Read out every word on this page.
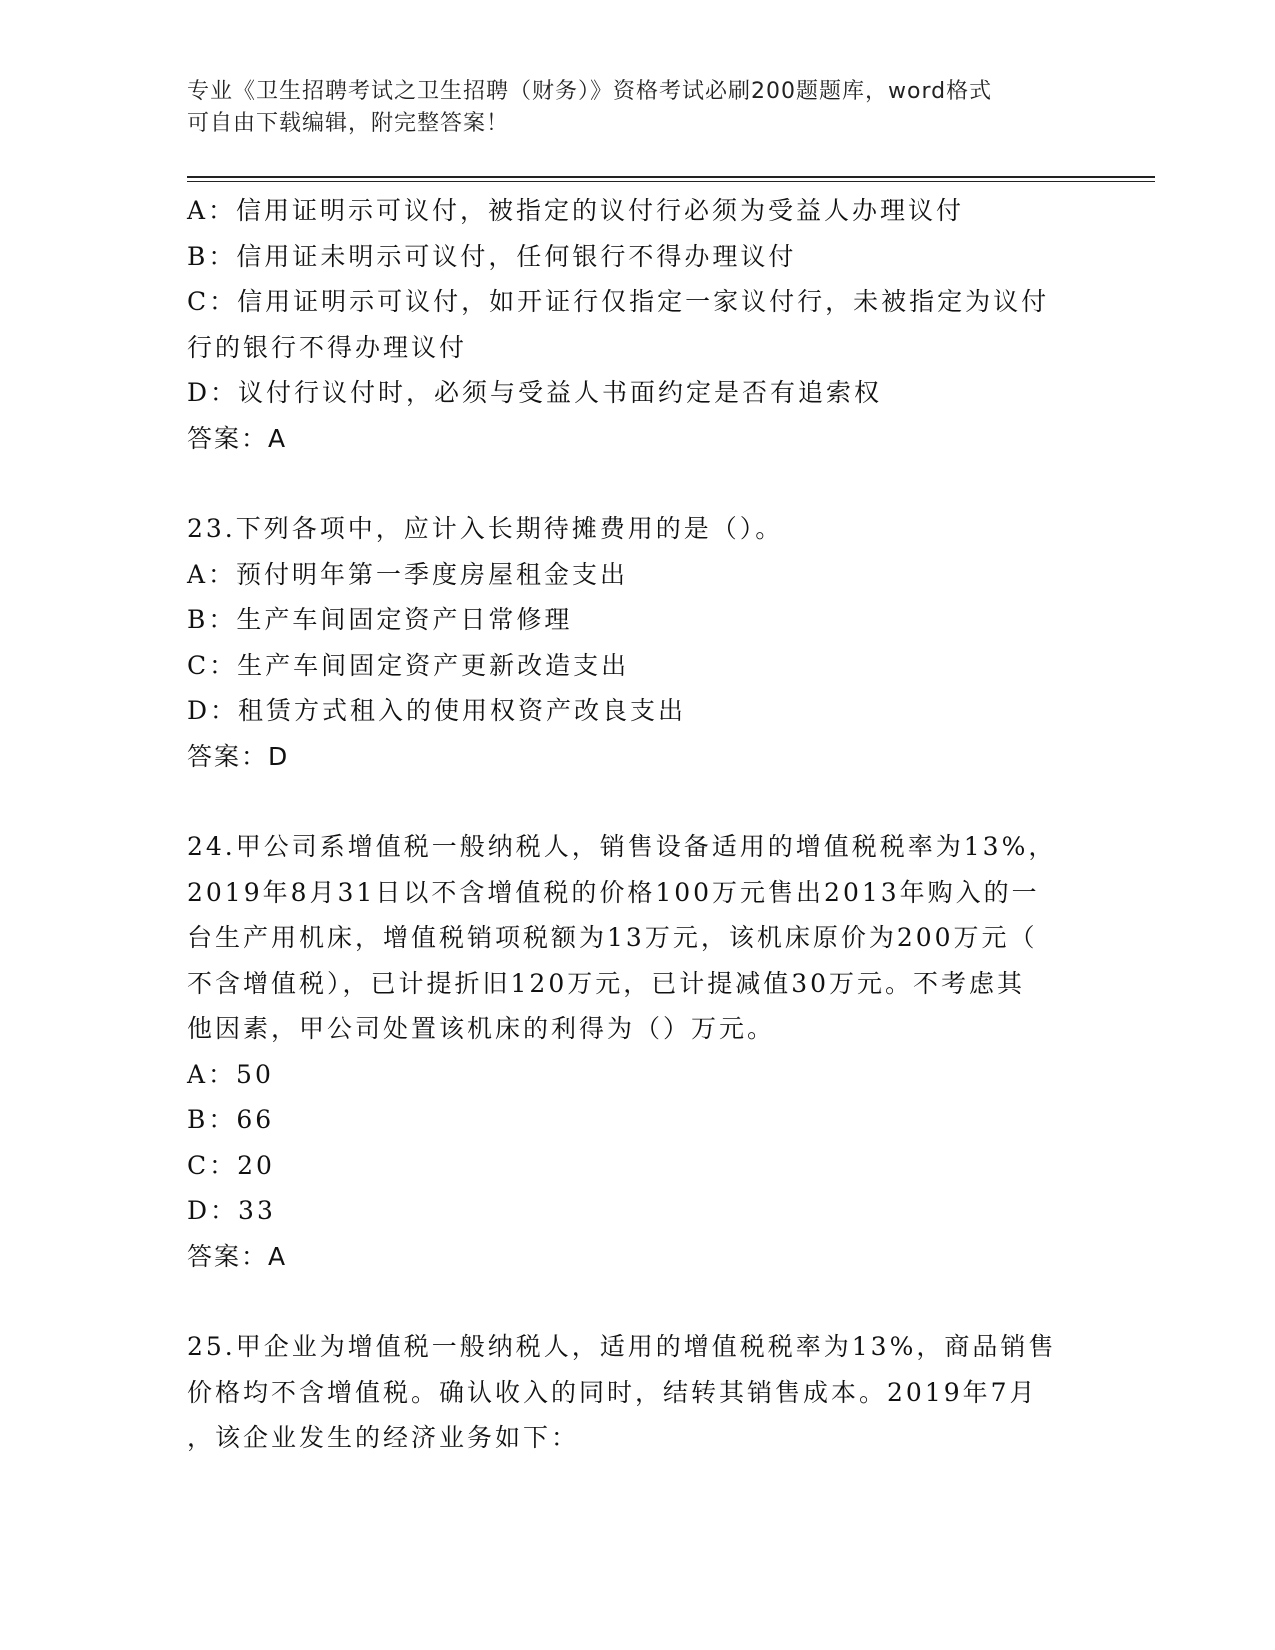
专业《卫生招聘考试之卫生招聘（财务）》资格考试必刷200题题库，word格式
可自由下载编辑，附完整答案！
A：信用证明示可议付，被指定的议付行必须为受益人办理议付
B：信用证未明示可议付，任何银行不得办理议付
C：信用证明示可议付，如开证行仅指定一家议付行，未被指定为议付
行的银行不得办理议付
D：议付行议付时，必须与受益人书面约定是否有追索权
答案：A
23.下列各项中，应计入长期待摊费用的是（）。
A：预付明年第一季度房屋租金支出
B：生产车间固定资产日常修理
C：生产车间固定资产更新改造支出
D：租赁方式租入的使用权资产改良支出
答案：D
24.甲公司系增值税一般纳税人，销售设备适用的增值税税率为13%，
2019年8月31日以不含增值税的价格100万元售出2013年购入的一
台生产用机床，增值税销项税额为13万元，该机床原价为200万元（
不含增值税），已计提折旧120万元，已计提减值30万元。不考虑其
他因素，甲公司处置该机床的利得为（）万元。
A：50
B：66
C：20
D：33
答案：A
25.甲企业为增值税一般纳税人，适用的增值税税率为13%，商品销售
价格均不含增值税。确认收入的同时，结转其销售成本。2019年7月
，该企业发生的经济业务如下：
